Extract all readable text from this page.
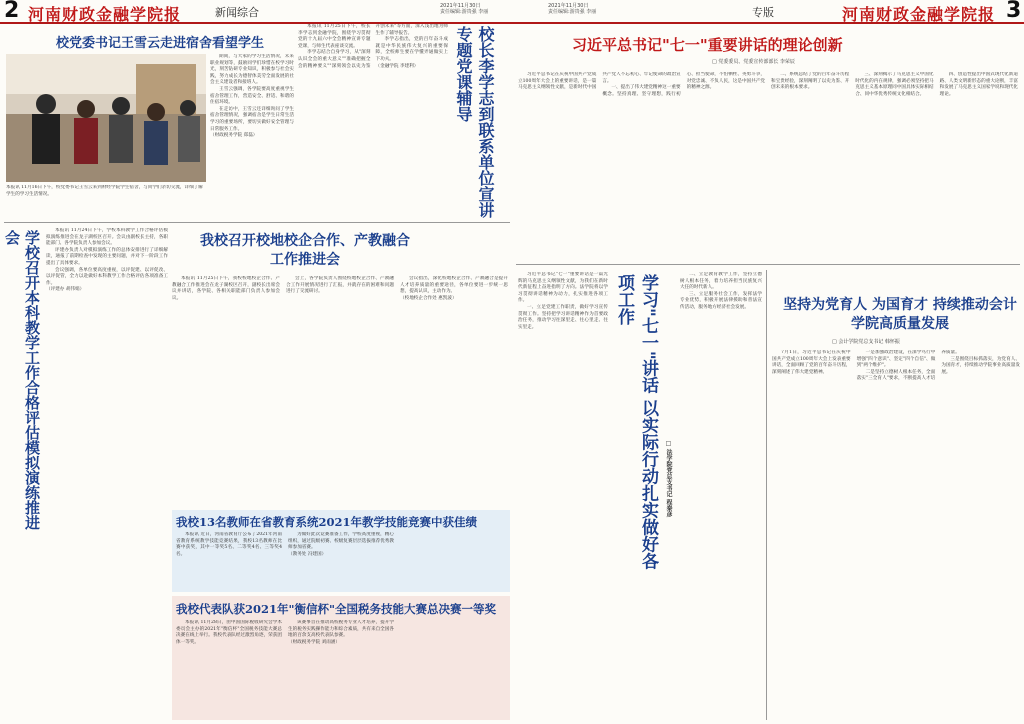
2 河南财政金融学院报	新闻综合	2021年11月30日
责任编辑:游贵强 李丽
校党委书记王雪云走进宿舍看望学生
本报讯 11月16日下午，校党委书记王雪云来到财经学院学生宿舍，与同学们亲切交流，详细了解学生的学习生活情况。

期间，与大家的学习生活情况，未来职业规划等，鼓励同学们珍惜在校学习时光，刻苦钻研专业知识，积极参与社会实践，努力成长为德智体美劳全面发展的社会主义建设者和接班人。

王雪云强调，各学院要高度重视学生宿舍管理工作，营造安全、舒适、和谐的住宿环境。

在走访中，王雪云还详细询问了学生宿舍管理情况，强调宿舍是学生日常生活学习的重要场所，要切实做好安全管理与日常服务工作。

（财政税务学院 郑磊）

本报讯 11月25日下午，校长李学志到金融学院，围绕学习贯彻党的十九届六中全会精神宣讲专题党课，与师生代表座谈交流。

李学志结合自身学习，从"深刻认识全会的重大意义""准确把握全会的精神要义""深刻领会以史为鉴开创未来"等方面，深入浅出地为师生作了辅导报告。

李学志指出，党的百年奋斗成就是中华民族伟大复兴的重要保障，全校师生要在学懂弄通做实上下功夫。

（金融学院 李建利）	校长李学志到联系单位宣讲专题党课辅导
学校召开本科教学工作合格评估模拟演练推进会	本报讯 11月24日下午，学校本科教学工作合格评估模拟演练推进会在龙子湖校区召开。会议由副校长主持，各职能部门、各学院负责人参加会议。

评建办负责人对模拟演练工作的总体安排进行了详细解读，通报了前期检查中发现的主要问题，并对下一阶段工作提出了具体要求。

会议强调，各单位要高度重视，以评促建、以评促改、以评促管，全力以赴做好本科教学工作合格评估各项准备工作。

（评建办 胡伟娟）
我校召开校地校企合作、产教融合工作推进会

本报讯 11月25日下午，我校校地校企合作、产教融合工作推进会在龙子湖校区召开，副校长出席会议并讲话，各学院、各相关职能部门负责人参加会议。

会上，各学院负责人围绕校地校企合作、产教融合工作开展情况进行了汇报，并就存在的困难和问题进行了交流研讨。

会议指出，深化校地校企合作、产教融合是提升人才培养质量的重要途径，各单位要进一步统一思想，提高认识，主动作为。

（校地校企合作处 惠凯波）
我校13名教师在省教育系统2021年教学技能竞赛中获佳绩

本报讯 近日，河南省教育厅公布了2021年河南省教育系统教学技能竞赛结果，我校13名教师在比赛中获奖，其中一等奖5名、二等奖4名、三等奖4名。

为做好此次竞赛准备工作，学校高度重视，精心组织，通过院级初赛、校级复赛层层选拔推荐优秀教师参加省赛。

（教务处 冯建国）
我校代表队获2021年"衡信杯"全国税务技能大赛总决赛一等奖

本报讯 11月28日，由中国国际税收研究会学术委员会主办的2021年"衡信杯"全国税务技能大赛总决赛在线上举行。我校代表队经过激烈角逐，荣获团体一等奖。

该赛事旨在推动高校税务专业人才培养，提升学生的税务实践操作能力和综合素质，共有来自全国各地的百余支高校代表队参赛。

（财政税务学院 刘雨涵）
2021年11月30日
责任编辑:游贵强 李丽	专版	河南财政金融学院报 3
习近平总书记"七一"重要讲话的理论创新
□ 党委委员、党委宣传部部长 李荣辰

习近平总书记在庆祝中国共产党成立100周年大会上的重要讲话，是一篇马克思主义纲领性文献，是新时代中国共产党人不忘初心、牢记使命的政治宣言。

一、提出了伟大建党精神这一重要概念。坚持真理、坚守理想，践行初心、担当使命，不怕牺牲、英勇斗争，对党忠诚、不负人民，这是中国共产党的精神之源。

二、系统总结了党的百年奋斗历程和宝贵经验，深刻阐明了以史为鉴、开创未来的根本要求。

三、深刻揭示了马克思主义中国化时代化的内在规律，强调必须坚持把马克思主义基本原理同中国具体实际相结合、同中华优秀传统文化相结合。

四、创造性提出中国式现代化新道路、人类文明新形态的重大论断，丰富和发展了马克思主义国家学说和现代化理论。

习近平总书记"七一"重要讲话是一篇光辉的马克思主义纲领性文献，为我们在新时代新征程上奋进指明了方向。法学院将以学习贯彻讲话精神为动力，扎实推进各项工作。

一、立足党建工作职责，做好学习宣传贯彻工作。坚持把学习讲话精神作为首要政治任务，推动学习往深里走、往心里走、往实里走。	学习"七一"讲话 以实际行动扎实做好各项工作
□ 法学院党总支书记 程秦彦

二、立足教育教学工作，坚持立德树人根本任务，着力培养担当民族复兴大任的时代新人。

三、立足服务社会工作，发挥法学专业优势，积极开展法律援助和普法宣传活动，服务地方经济社会发展。	坚持为党育人 为国育才 持续推动会计学院高质量发展
□ 会计学院党总支书记 韩怀振

7月1日，习近平总书记在庆祝中国共产党成立100周年大会上发表重要讲话，全面回顾了党的百年奋斗历程，深刻阐述了伟大建党精神。

一是加强政治建设，在深学笃行中增强"四个意识"、坚定"四个自信"、做到"两个维护"。

二是坚持立德树人根本任务，全面落实"三全育人"要求，不断提高人才培养质量。

三是围绕目标抓落实，为党育人、为国育才，持续推动学院事业高质量发展。
